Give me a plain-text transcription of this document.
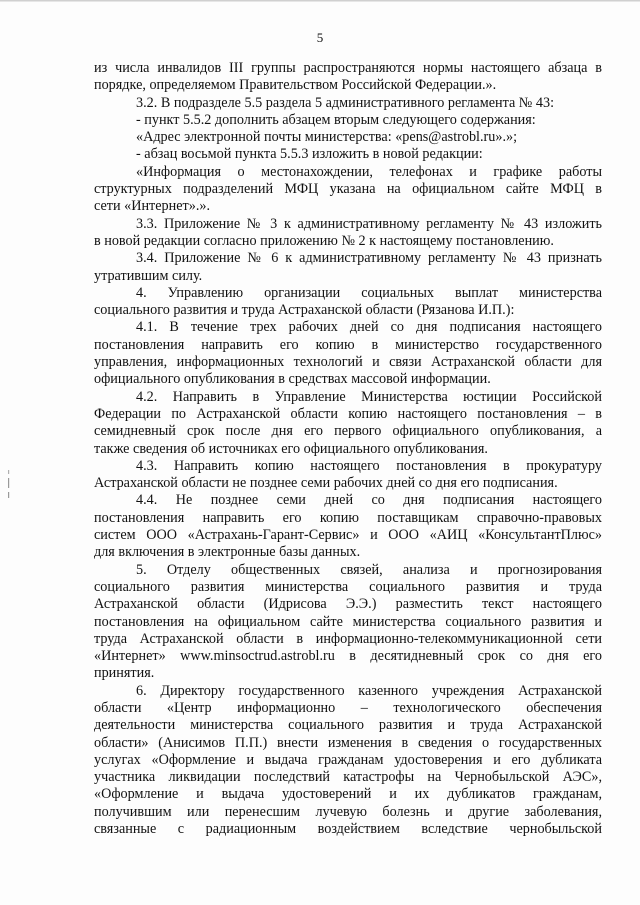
5
из числа инвалидов III группы распространяются нормы настоящего абзаца в
порядке, определяемом Правительством Российской Федерации.».
3.2. В подразделе 5.5 раздела 5 административного регламента № 43:
- пункт 5.5.2 дополнить абзацем вторым следующего содержания:
«Адрес электронной почты министерства: «pens@astrobl.ru».»;
- абзац восьмой пункта 5.5.3 изложить в новой редакции:
«Информация о местонахождении, телефонах и графике работы
структурных подразделений МФЦ указана на официальном сайте МФЦ в
сети «Интернет».».
3.3. Приложение № 3 к административному регламенту № 43 изложить
в новой редакции согласно приложению № 2 к настоящему постановлению.
3.4. Приложение № 6 к административному регламенту № 43 признать
утратившим силу.
4. Управлению организации социальных выплат министерства
социального развития и труда Астраханской области (Рязанова И.П.):
4.1. В течение трех рабочих дней со дня подписания настоящего
постановления направить его копию в министерство государственного
управления, информационных технологий и связи Астраханской области для
официального опубликования в средствах массовой информации.
4.2. Направить в Управление Министерства юстиции Российской
Федерации по Астраханской области копию настоящего постановления – в
семидневный срок после дня его первого официального опубликования, а
также сведения об источниках его официального опубликования.
4.3. Направить копию настоящего постановления в прокуратуру
Астраханской области не позднее семи рабочих дней со дня его подписания.
4.4. Не позднее семи дней со дня подписания настоящего
постановления направить его копию поставщикам справочно-правовых
систем ООО «Астрахань-Гарант-Сервис» и ООО «АИЦ «КонсультантПлюс»
для включения в электронные базы данных.
5. Отделу общественных связей, анализа и прогнозирования
социального развития министерства социального развития и труда
Астраханской области (Идрисова Э.Э.) разместить текст настоящего
постановления на официальном сайте министерства социального развития и
труда Астраханской области в информационно-телекоммуникационной сети
«Интернет» www.minsoctrud.astrobl.ru в десятидневный срок со дня его
принятия.
6. Директору государственного казенного учреждения Астраханской
области «Центр информационно – технологического обеспечения
деятельности министерства социального развития и труда Астраханской
области» (Анисимов П.П.) внести изменения в сведения о государственных
услугах «Оформление и выдача гражданам удостоверения и его дубликата
участника ликвидации последствий катастрофы на Чернобыльской АЭС»,
«Оформление и выдача удостоверений и их дубликатов гражданам,
получившим или перенесшим лучевую болезнь и другие заболевания,
связанные с радиационным воздействием вследствие чернобыльской
